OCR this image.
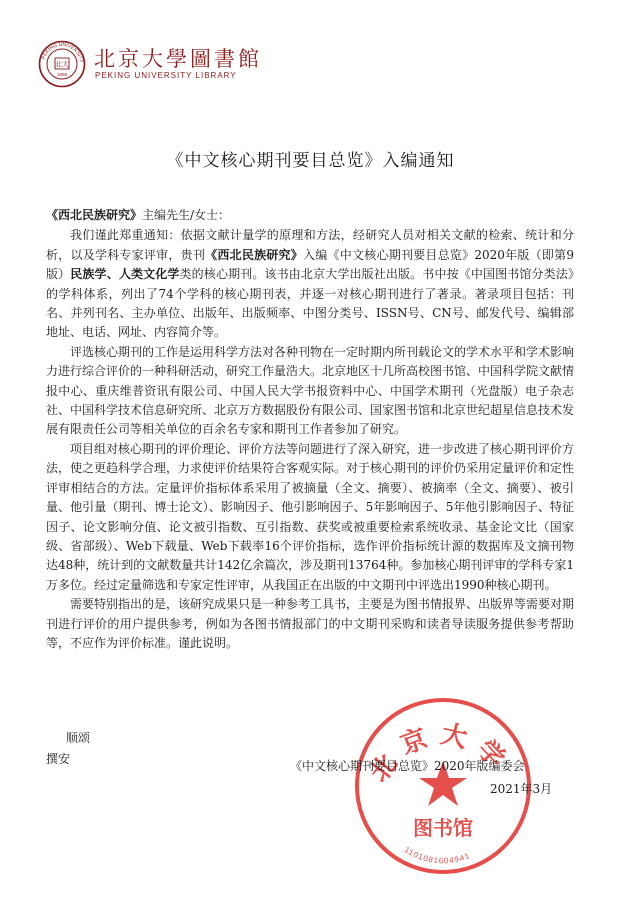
PEKING UNIVERSITY
北大
1898
北京大學圖書館
PEKING UNIVERSITY LIBRARY
《中文核心期刊要目总览》入编通知

《西北民族研究》主编先生/女士：

我们谨此郑重通知：依据文献计量学的原理和方法，经研究人员对相关文献的检索、统计和分析，以及学科专家评审，贵刊《西北民族研究》入编《中文核心期刊要目总览》2020年版（即第9版）民族学、人类文化学类的核心期刊。该书由北京大学出版社出版。书中按《中国图书馆分类法》的学科体系，列出了74个学科的核心期刊表，并逐一对核心期刊进行了著录。著录项目包括：刊名、并列刊名、主办单位、出版年、出版频率、中图分类号、ISSN号、CN号、邮发代号、编辑部地址、电话、网址、内容简介等。

评选核心期刊的工作是运用科学方法对各种刊物在一定时期内所刊载论文的学术水平和学术影响力进行综合评价的一种科研活动，研究工作量浩大。北京地区十几所高校图书馆、中国科学院文献情报中心、重庆维普资讯有限公司、中国人民大学书报资料中心、中国学术期刊（光盘版）电子杂志社、中国科学技术信息研究所、北京万方数据股份有限公司、国家图书馆和北京世纪超星信息技术发展有限责任公司等相关单位的百余名专家和期刊工作者参加了研究。

项目组对核心期刊的评价理论、评价方法等问题进行了深入研究，进一步改进了核心期刊评价方法，使之更趋科学合理，力求使评价结果符合客观实际。对于核心期刊的评价仍采用定量评价和定性评审相结合的方法。定量评价指标体系采用了被摘量（全文、摘要）、被摘率（全文、摘要）、被引量、他引量（期刊、博士论文）、影响因子、他引影响因子、5年影响因子、5年他引影响因子、特征因子、论文影响分值、论文被引指数、互引指数、获奖或被重要检索系统收录、基金论文比（国家级、省部级）、Web下载量、Web下载率16个评价指标，选作评价指标统计源的数据库及文摘刊物达48种，统计到的文献数量共计142亿余篇次，涉及期刊13764种。参加核心期刊评审的学科专家1万多位。经过定量筛选和专家定性评审，从我国正在出版的中文期刊中评选出1990种核心期刊。

需要特别指出的是，该研究成果只是一种参考工具书，主要是为图书情报界、出版界等需要对期刊进行评价的用户提供参考，例如为各图书情报部门的中文期刊采购和读者导读服务提供参考帮助等，不应作为评价标准。谨此说明。

顺颂
撰安	北京大学
图书馆
1101081604941
《中文核心期刊要目总览》2020年版编委会
2021年3月
